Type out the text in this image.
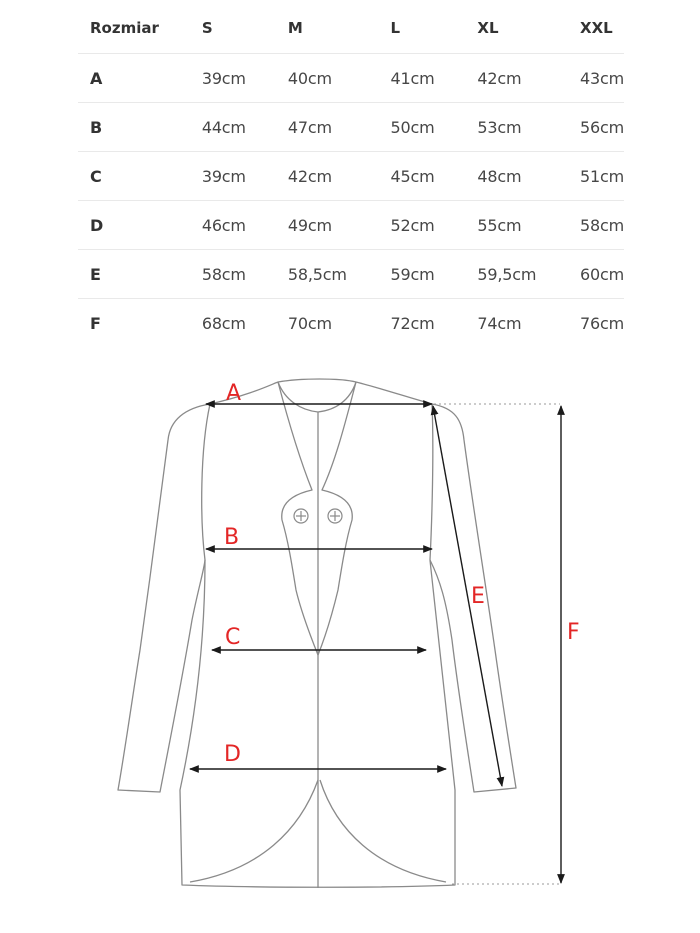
Rozmiar	S	M	L	XL	XXL
A	39cm	40cm	41cm	42cm	43cm
B	44cm	47cm	50cm	53cm	56cm
C	39cm	42cm	45cm	48cm	51cm
D	46cm	49cm	52cm	55cm	58cm
E	58cm	58,5cm	59cm	59,5cm	60cm
F	68cm	70cm	72cm	74cm	76cm
A
B
C
D
E
F
